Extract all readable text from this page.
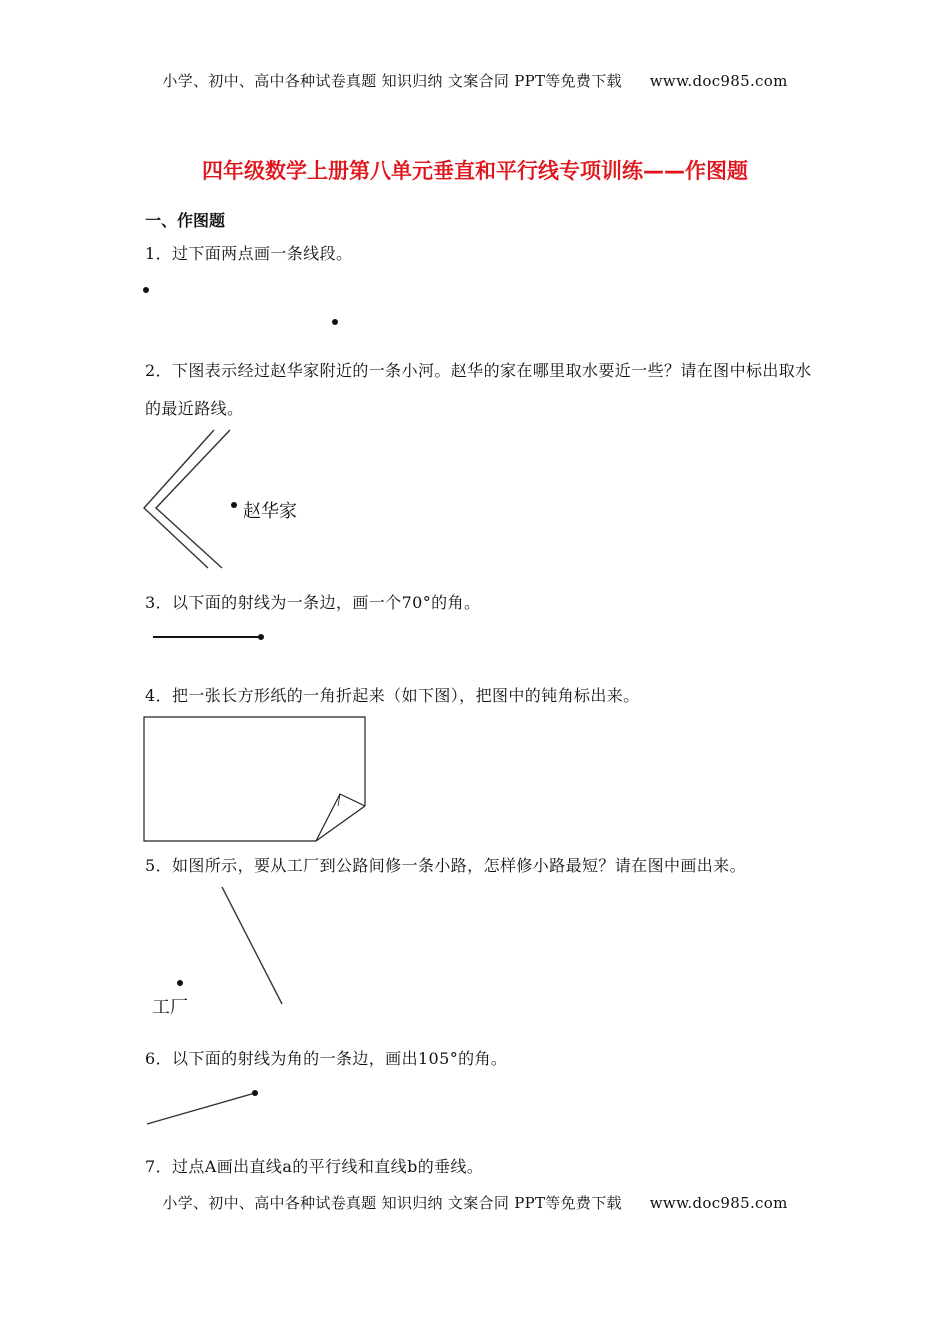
小学、初中、高中各种试卷真题 知识归纳 文案合同 PPT等免费下载 www.doc985.com
四年级数学上册第八单元垂直和平行线专项训练——作图题
一、作图题
1．过下面两点画一条线段。
2．下图表示经过赵华家附近的一条小河。赵华的家在哪里取水要近一些？请在图中标出取水的最近路线。
3．以下面的射线为一条边，画一个70°的角。
4．把一张长方形纸的一角折起来（如下图），把图中的钝角标出来。
5．如图所示，要从工厂到公路间修一条小路，怎样修小路最短？请在图中画出来。
6．以下面的射线为角的一条边，画出105°的角。
7．过点A画出直线a的平行线和直线b的垂线。
赵华家
工厂
小学、初中、高中各种试卷真题 知识归纳 文案合同 PPT等免费下载 www.doc985.com
